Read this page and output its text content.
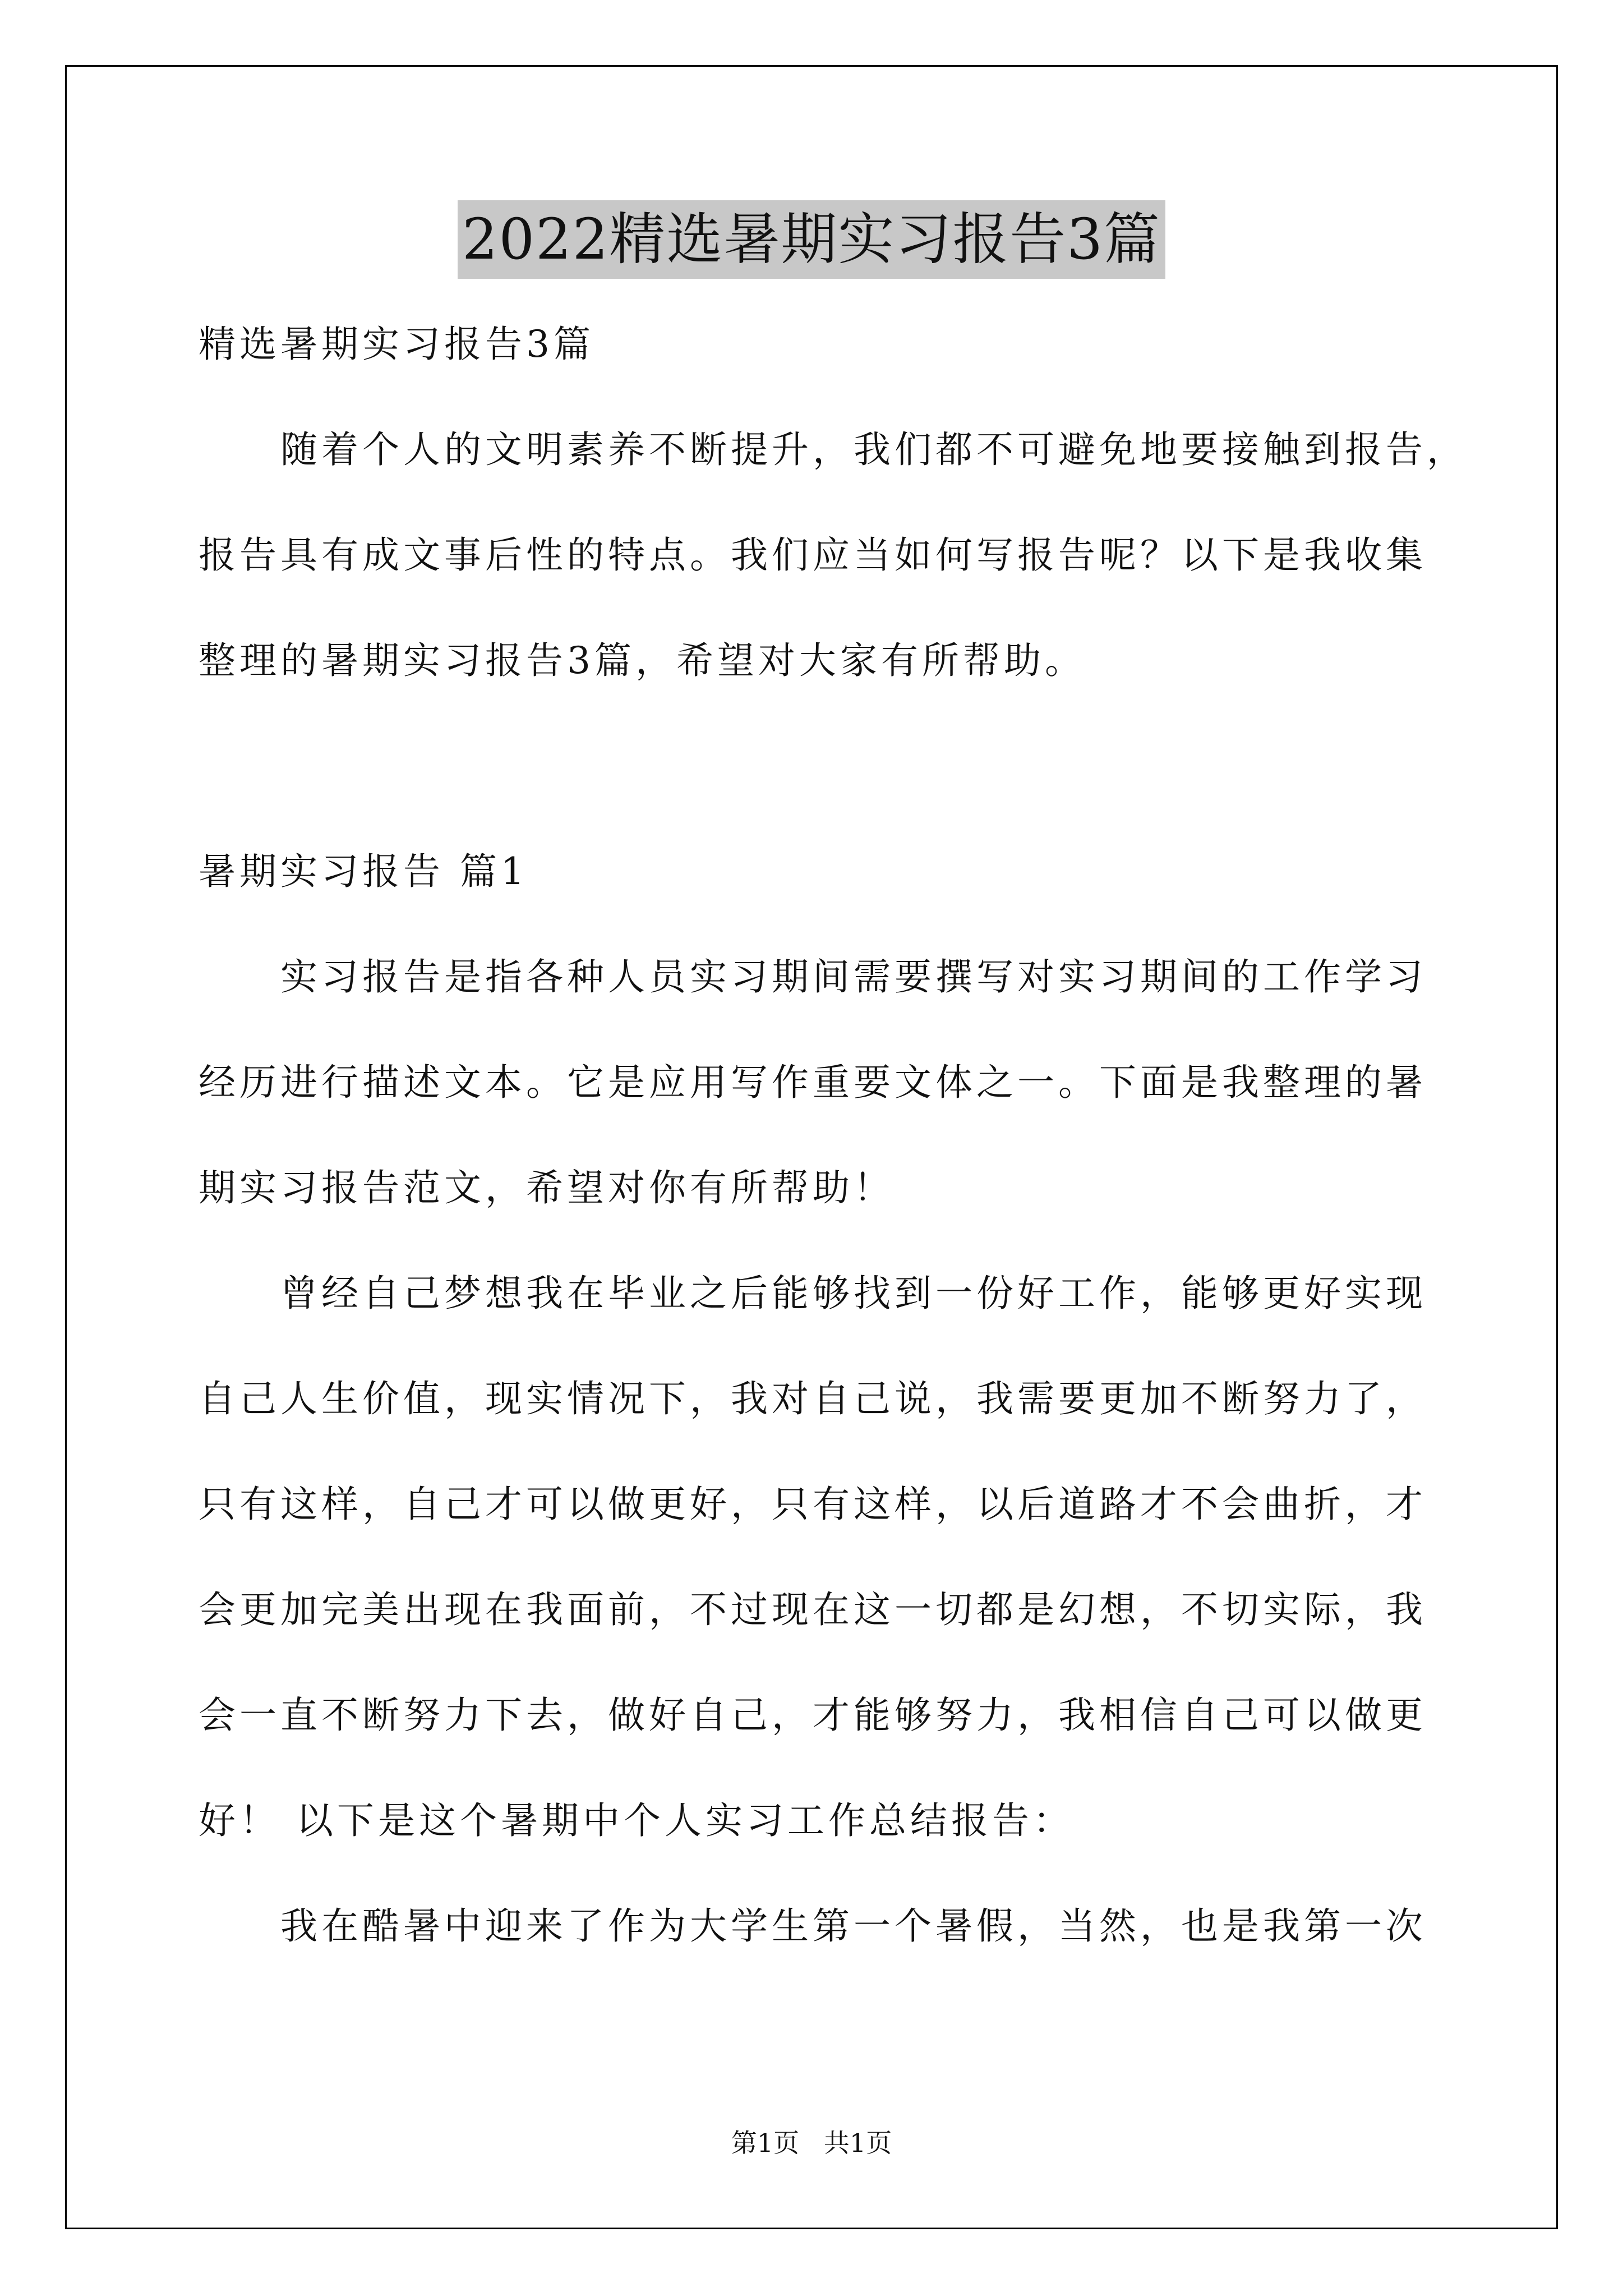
2022精选暑期实习报告3篇
精选暑期实习报告3篇
随着个人的文明素养不断提升，我们都不可避免地要接触到报告，
报告具有成文事后性的特点。我们应当如何写报告呢？以下是我收集
整理的暑期实习报告3篇，希望对大家有所帮助。
暑期实习报告 篇1
实习报告是指各种人员实习期间需要撰写对实习期间的工作学习
经历进行描述文本。它是应用写作重要文体之一。下面是我整理的暑
期实习报告范文，希望对你有所帮助！
曾经自己梦想我在毕业之后能够找到一份好工作，能够更好实现
自己人生价值，现实情况下，我对自己说，我需要更加不断努力了，
只有这样，自己才可以做更好，只有这样，以后道路才不会曲折，才
会更加完美出现在我面前，不过现在这一切都是幻想，不切实际，我
会一直不断努力下去，做好自己，才能够努力，我相信自己可以做更
好！ 以下是这个暑期中个人实习工作总结报告：
我在酷暑中迎来了作为大学生第一个暑假，当然，也是我第一次
第1页   共1页
